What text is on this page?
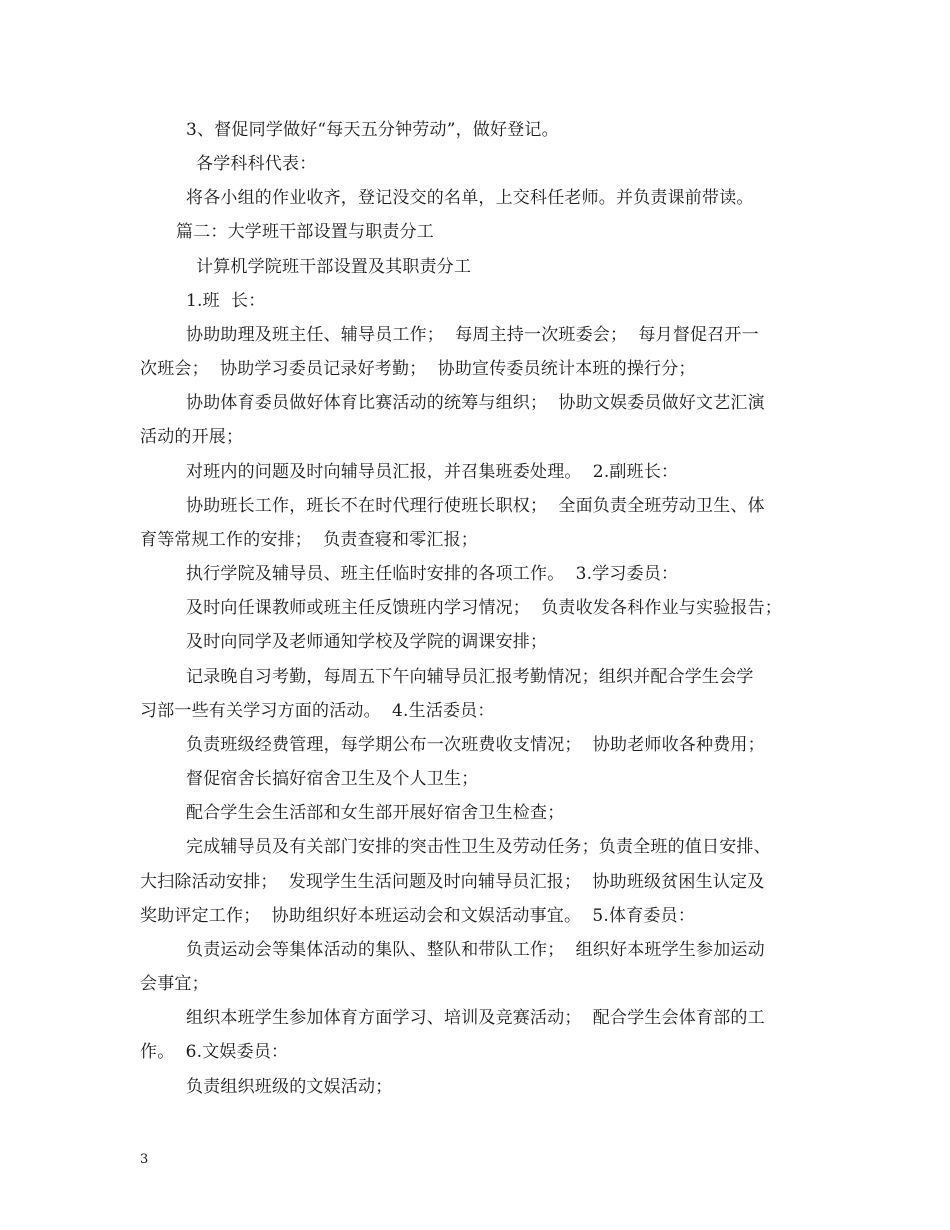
3、督促同学做好“每天五分钟劳动”，做好登记。
各学科科代表：
将各小组的作业收齐，登记没交的名单，上交科任老师。并负责课前带读。
篇二：大学班干部设置与职责分工
计算机学院班干部设置及其职责分工
1.班  长：
协助助理及班主任、辅导员工作；  每周主持一次班委会；  每月督促召开一
次班会；  协助学习委员记录好考勤；  协助宣传委员统计本班的操行分；
协助体育委员做好体育比赛活动的统筹与组织；  协助文娱委员做好文艺汇演
活动的开展；
对班内的问题及时向辅导员汇报，并召集班委处理。  2.副班长：
协助班长工作，班长不在时代理行使班长职权；  全面负责全班劳动卫生、体
育等常规工作的安排；  负责查寝和零汇报；
执行学院及辅导员、班主任临时安排的各项工作。  3.学习委员：
及时向任课教师或班主任反馈班内学习情况；  负责收发各科作业与实验报告；
及时向同学及老师通知学校及学院的调课安排；
记录晚自习考勤，每周五下午向辅导员汇报考勤情况；组织并配合学生会学
习部一些有关学习方面的活动。  4.生活委员：
负责班级经费管理，每学期公布一次班费收支情况；  协助老师收各种费用；
督促宿舍长搞好宿舍卫生及个人卫生；
配合学生会生活部和女生部开展好宿舍卫生检查；
完成辅导员及有关部门安排的突击性卫生及劳动任务；负责全班的值日安排、
大扫除活动安排；  发现学生生活问题及时向辅导员汇报；  协助班级贫困生认定及
奖助评定工作；  协助组织好本班运动会和文娱活动事宜。  5.体育委员：
负责运动会等集体活动的集队、整队和带队工作；  组织好本班学生参加运动
会事宜；
组织本班学生参加体育方面学习、培训及竞赛活动；  配合学生会体育部的工
作。  6.文娱委员：
负责组织班级的文娱活动；
3
